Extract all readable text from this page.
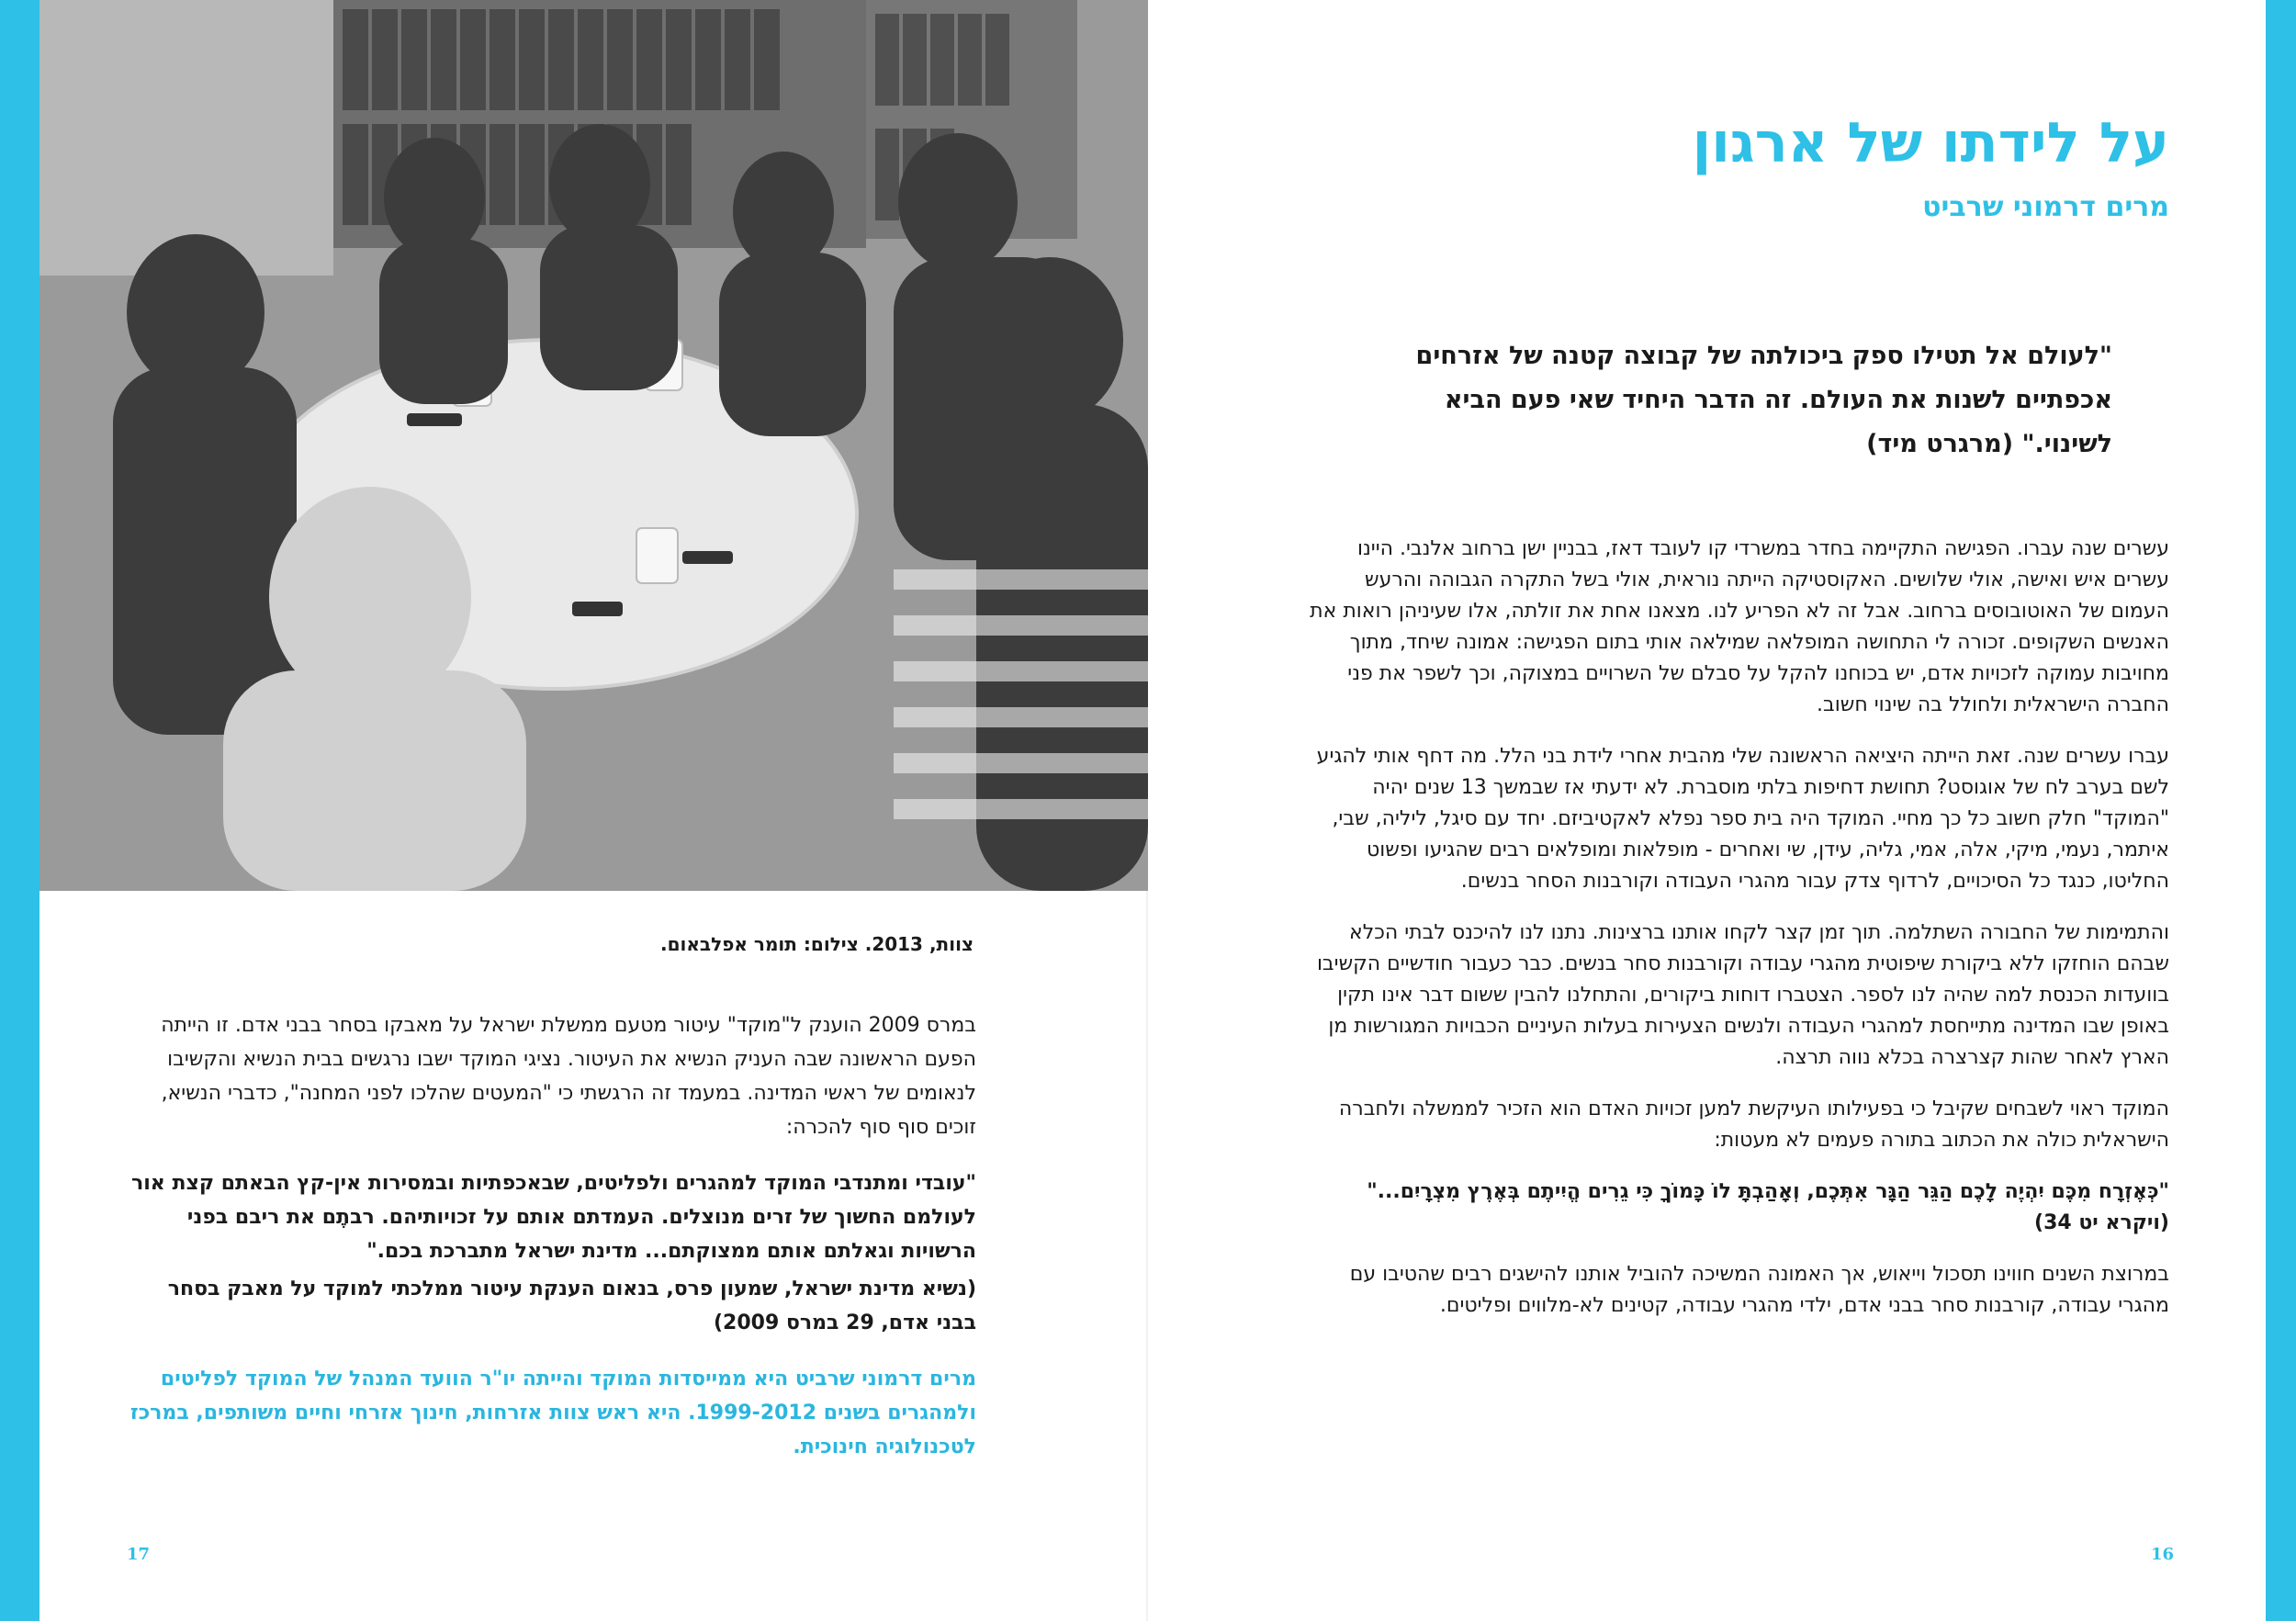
צוות, 2013. צילום: תומר אפלבאום.

במרס 2009 הוענק ל"מוקד" עיטור מטעם ממשלת ישראל על מאבקו בסחר בבני אדם. זו הייתה הפעם הראשונה שבה העניק הנשיא את העיטור. נציגי המוקד ישבו נרגשים בבית הנשיא והקשיבו לנאומים של ראשי המדינה. במעמד זה הרגשתי כי "המעטים שהלכו לפני המחנה", כדברי הנשיא, זוכים סוף סוף להכרה:

"עובדי ומתנדבי המוקד למהגרים ולפליטים, שבאכפתיות ובמסירות אין-קץ הבאתם קצת אור לעולמם החשוך של זרים מנוצלים. העמדתם אותם על זכויותיהם. רבתֶם את ריבם בפני הרשויות וגאלתם אותם ממצוקתם... מדינת ישראל מתברכת בכם."

(נשיא מדינת ישראל, שמעון פרס, בנאום הענקת עיטור ממלכתי למוקד על מאבק בסחר בבני אדם, 29 במרס 2009)

מרים דרמוני שרביט היא ממייסדות המוקד והייתה יו"ר הוועד המנהל של המוקד לפליטים ולמהגרים בשנים 1999-2012. היא ראש צוות אזרחות, חינוך אזרחי וחיים משותפים, במרכז לטכנולוגיה חינוכית.

17
על לידתו של ארגון
מרים דרמוני שרביט
"לעולם אל תטילו ספק ביכולתה של קבוצה קטנה של אזרחים אכפתיים לשנות את העולם. זה הדבר היחיד שאי פעם הביא לשינוי." (מרגרט מיד)

עשרים שנה עברו. הפגישה התקיימה בחדר במשרדי קו לעובד דאז, בבניין ישן ברחוב אלנבי. היינו עשרים איש ואישה, אולי שלושים. האקוסטיקה הייתה נוראית, אולי בשל התקרה הגבוהה והרעש העמום של האוטובוסים ברחוב. אבל זה לא הפריע לנו. מצאנו אחת את זולתה, אלו שעיניהן רואות את האנשים השקופים. זכורה לי התחושה המופלאה שמילאה אותי בתום הפגישה: אמונה שיחד, מתוך מחויבות עמוקה לזכויות אדם, יש בכוחנו להקל על סבלם של השרויים במצוקה, וכך לשפר את פני החברה הישראלית ולחולל בה שינוי חשוב.

עברו עשרים שנה. זאת הייתה היציאה הראשונה שלי מהבית אחרי לידת בני הלל. מה דחף אותי להגיע לשם בערב לח של אוגוסט? תחושת דחיפות בלתי מוסברת. לא ידעתי אז שבמשך 13 שנים יהיה "המוקד" חלק חשוב כל כך מחיי. המוקד היה בית ספר נפלא לאקטיביזם. יחד עם סיגל, ליליה, שבי, איתמר, נעמי, מיקי, אלה, אמי, גליה, עידן, שי ואחרים - מופלאות ומופלאים רבים שהגיעו ופשוט החליטו, כנגד כל הסיכויים, לרדוף צדק עבור מהגרי העבודה וקורבנות הסחר בנשים.

והתמימות של החבורה השתלמה. תוך זמן קצר לקחו אותנו ברצינות. נתנו לנו להיכנס לבתי הכלא שבהם הוחזקו ללא ביקורת שיפוטית מהגרי עבודה וקורבנות סחר בנשים. כבר כעבור חודשיים הקשיבו בוועדות הכנסת למה שהיה לנו לספר. הצטברו דוחות ביקורים, והתחלנו להבין ששום דבר אינו תקין באופן שבו המדינה מתייחסת למהגרי העבודה ולנשים הצעירות בעלות העיניים הכבויות המגורשות מן הארץ לאחר שהות קצרצרה בכלא נווה תרצה.

המוקד ראוי לשבחים שקיבל כי בפעילותו העיקשת למען זכויות האדם הוא הזכיר לממשלה ולחברה הישראלית כולה את הכתוב בתורה פעמים לא מעטות:

"כְּאֶזְרָח מִכֶּם יִהְיֶה לָכֶם הַגֵּר הַגָּר אִתְּכֶם, וְאָהַבְתָּ לוֹ כָּמוֹךָ כִּי גֵרִים הֱיִיתֶם בְּאֶרֶץ מִצְרָיִם..."
(ויקרא יט 34)

במרוצת השנים חווינו תסכול וייאוש, אך האמונה המשיכה להוביל אותנו להישגים רבים שהטיבו עם מהגרי עבודה, קורבנות סחר בבני אדם, ילדי מהגרי עבודה, קטינים לא-מלווים ופליטים.

16
